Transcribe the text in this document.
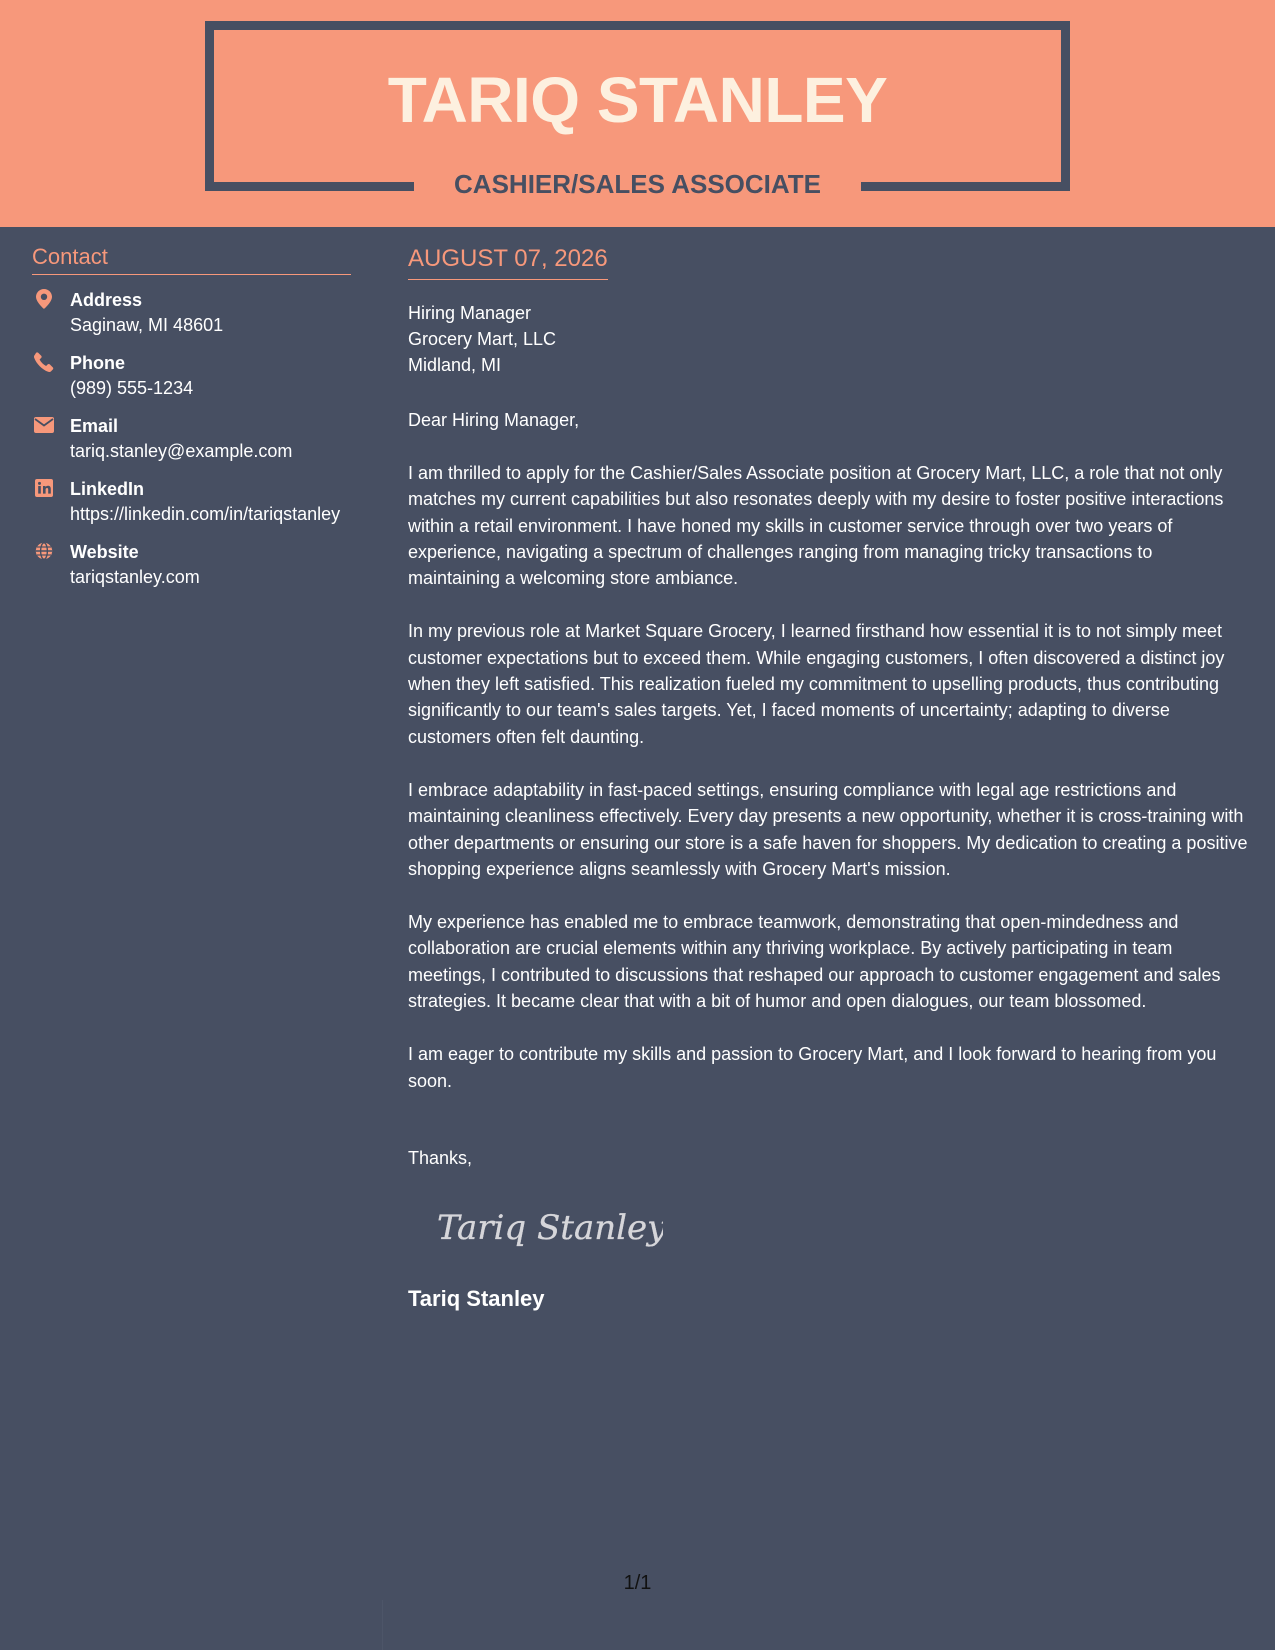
TARIQ STANLEY
CASHIER/SALES ASSOCIATE
Contact
Address
Saginaw, MI 48601
Phone
(989) 555-1234
Email
tariq.stanley@example.com
LinkedIn
https://linkedin.com/in/tariqstanley
Website
tariqstanley.com
AUGUST 07, 2026
Hiring Manager
Grocery Mart, LLC
Midland, MI
Dear Hiring Manager,

I am thrilled to apply for the Cashier/Sales Associate position at Grocery Mart, LLC, a role that not only matches my current capabilities but also resonates deeply with my desire to foster positive interactions within a retail environment. I have honed my skills in customer service through over two years of experience, navigating a spectrum of challenges ranging from managing tricky transactions to maintaining a welcoming store ambiance.

In my previous role at Market Square Grocery, I learned firsthand how essential it is to not simply meet customer expectations but to exceed them. While engaging customers, I often discovered a distinct joy when they left satisfied. This realization fueled my commitment to upselling products, thus contributing significantly to our team's sales targets. Yet, I faced moments of uncertainty; adapting to diverse customers often felt daunting.

I embrace adaptability in fast-paced settings, ensuring compliance with legal age restrictions and maintaining cleanliness effectively. Every day presents a new opportunity, whether it is cross-training with other departments or ensuring our store is a safe haven for shoppers. My dedication to creating a positive shopping experience aligns seamlessly with Grocery Mart's mission.

My experience has enabled me to embrace teamwork, demonstrating that open-mindedness and collaboration are crucial elements within any thriving workplace. By actively participating in team meetings, I contributed to discussions that reshaped our approach to customer engagement and sales strategies. It became clear that with a bit of humor and open dialogues, our team blossomed.

I am eager to contribute my skills and passion to Grocery Mart, and I look forward to hearing from you soon.

Thanks,
Tariq Stanley
Tariq Stanley
1/1
